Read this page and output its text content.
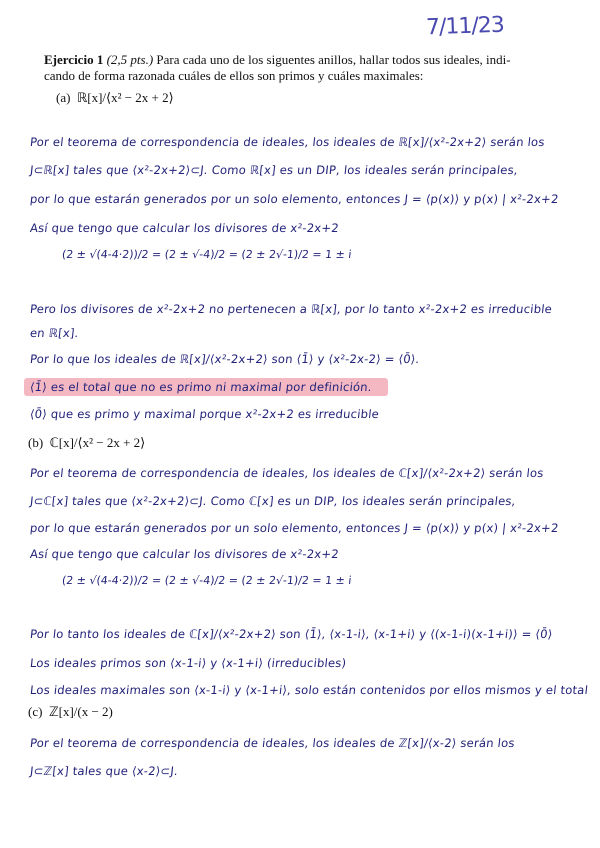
7/11/23
Ejercicio 1 (2,5 pts.) Para cada uno de los siguentes anillos, hallar todos sus ideales, indi-
cando de forma razonada cuáles de ellos son primos y cuáles maximales:
(a) ℝ[x]/⟨x² − 2x + 2⟩
Por el teorema de correspondencia de ideales, los ideales de ℝ[x]/⟨x²-2x+2⟩ serán los
J⊂ℝ[x] tales que ⟨x²-2x+2⟩⊂J. Como ℝ[x] es un DIP, los ideales serán principales,
por lo que estarán generados por un solo elemento, entonces J = ⟨p(x)⟩ y p(x) | x²-2x+2
Así que tengo que calcular los divisores de x²-2x+2
(2 ± √(4-4·2))/2 = (2 ± √-4)/2 = (2 ± 2√-1)/2 = 1 ± i
Pero los divisores de x²-2x+2 no pertenecen a ℝ[x], por lo tanto x²-2x+2 es irreducible
en ℝ[x].
Por lo que los ideales de ℝ[x]/⟨x²-2x+2⟩ son ⟨1̄⟩ y ⟨x²-2x-2⟩ = ⟨0̄⟩.
⟨1̄⟩ es el total que no es primo ni maximal por definición.
⟨0̄⟩ que es primo y maximal porque x²-2x+2 es irreducible
(b) ℂ[x]/⟨x² − 2x + 2⟩
Por el teorema de correspondencia de ideales, los ideales de ℂ[x]/⟨x²-2x+2⟩ serán los
J⊂ℂ[x] tales que ⟨x²-2x+2⟩⊂J. Como ℂ[x] es un DIP, los ideales serán principales,
por lo que estarán generados por un solo elemento, entonces J = ⟨p(x)⟩ y p(x) | x²-2x+2
Así que tengo que calcular los divisores de x²-2x+2
(2 ± √(4-4·2))/2 = (2 ± √-4)/2 = (2 ± 2√-1)/2 = 1 ± i
Por lo tanto los ideales de ℂ[x]/⟨x²-2x+2⟩ son ⟨1̄⟩, ⟨x-1-i⟩, ⟨x-1+i⟩ y ⟨(x-1-i)(x-1+i)⟩ = ⟨0̄⟩
Los ideales primos son ⟨x-1-i⟩ y ⟨x-1+i⟩ (irreducibles)
Los ideales maximales son ⟨x-1-i⟩ y ⟨x-1+i⟩, solo están contenidos por ellos mismos y el total
(c) ℤ[x]/(x − 2)
Por el teorema de correspondencia de ideales, los ideales de ℤ[x]/⟨x-2⟩ serán los
J⊂ℤ[x] tales que ⟨x-2⟩⊂J.
